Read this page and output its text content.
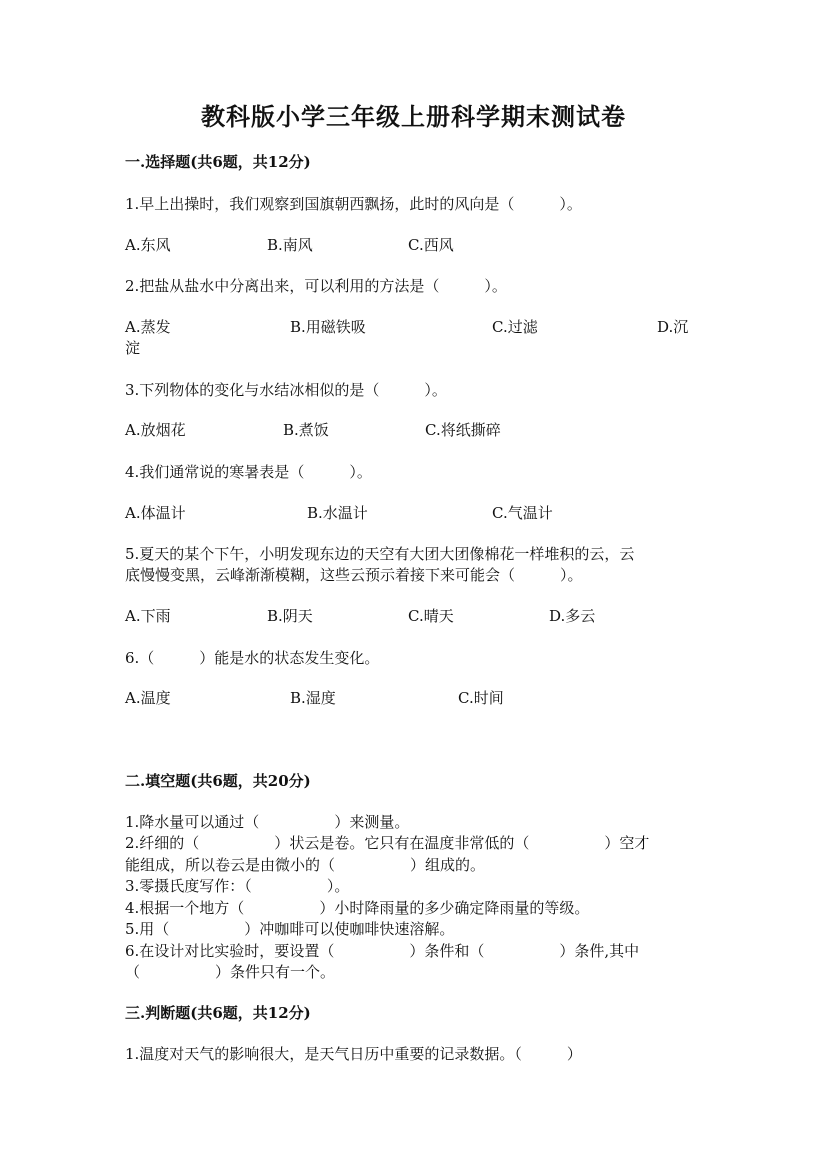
教科版小学三年级上册科学期末测试卷
一.选择题(共6题，共12分)
1.早上出操时，我们观察到国旗朝西飘扬，此时的风向是（　　　）。
A.东风	B.南风	C.西风
2.把盐从盐水中分离出来，可以利用的方法是（　　　）。
A.蒸发	B.用磁铁吸	C.过滤	D.沉
淀
3.下列物体的变化与水结冰相似的是（　　　）。
A.放烟花	B.煮饭	C.将纸撕碎
4.我们通常说的寒暑表是（　　　）。
A.体温计	B.水温计	C.气温计
5.夏天的某个下午，小明发现东边的天空有大团大团像棉花一样堆积的云，云
底慢慢变黑，云峰渐渐模糊，这些云预示着接下来可能会（　　　）。
A.下雨	B.阴天	C.晴天	D.多云
6.（　　　）能是水的状态发生变化。
A.温度	B.湿度	C.时间
二.填空题(共6题，共20分)
1.降水量可以通过（　　　　　）来测量。
2.纤细的（　　　　　）状云是卷。它只有在温度非常低的（　　　　　）空才
能组成，所以卷云是由微小的（　　　　　）组成的。
3.零摄氏度写作：（　　　　　）。
4.根据一个地方（　　　　　）小时降雨量的多少确定降雨量的等级。
5.用（　　　　　）冲咖啡可以使咖啡快速溶解。
6.在设计对比实验时，要设置（　　　　　）条件和（　　　　　）条件,其中
（　　　　　）条件只有一个。
三.判断题(共6题，共12分)
1.温度对天气的影响很大，是天气日历中重要的记录数据。（　　　）
